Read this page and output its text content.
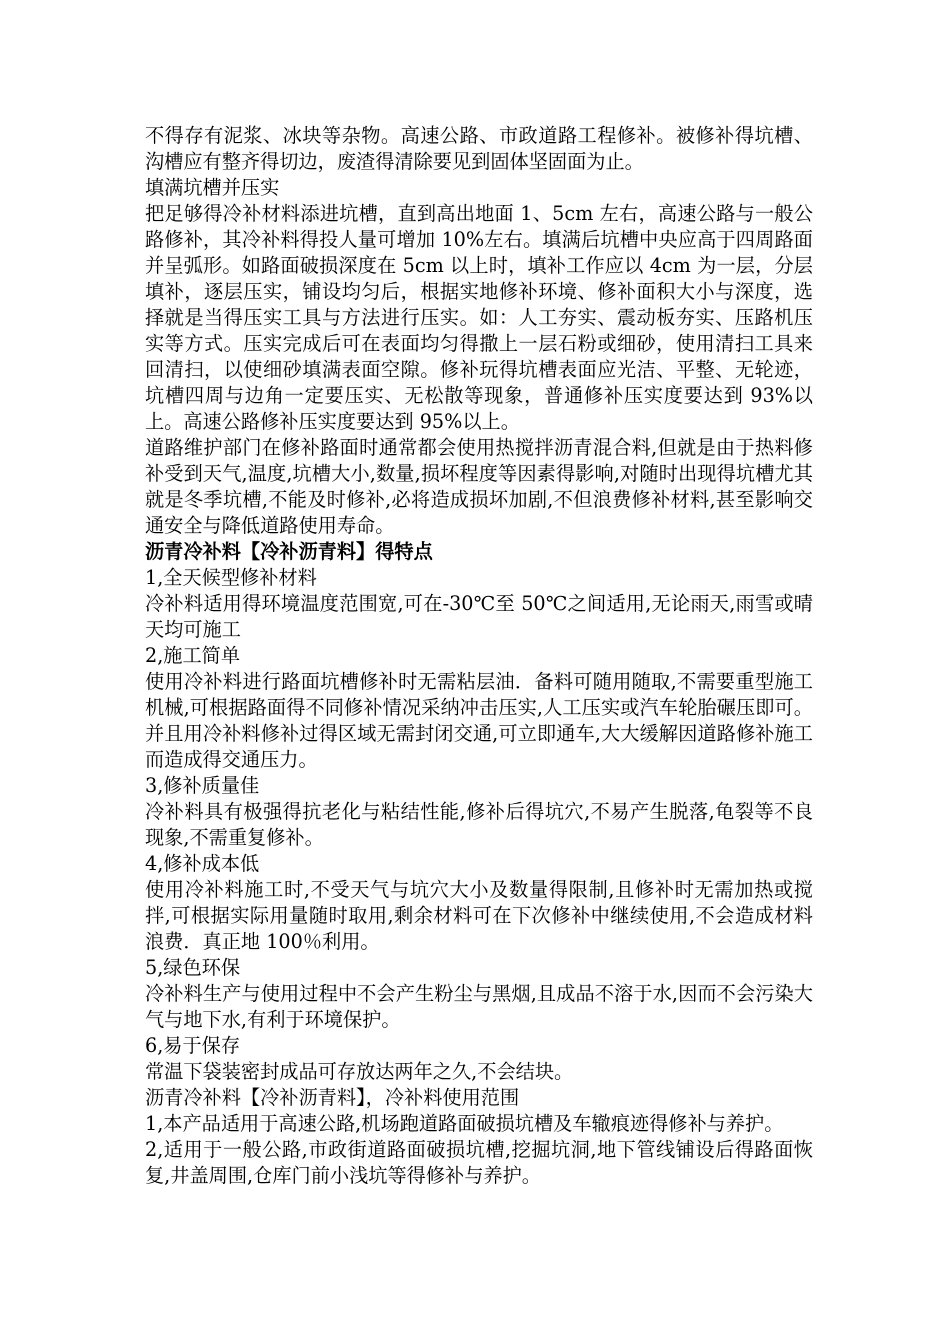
不得存有泥浆、冰块等杂物。高速公路、市政道路工程修补。被修补得坑槽、沟槽应有整齐得切边，废渣得清除要见到固体坚固面为止。

填满坑槽并压实

把足够得冷补材料添进坑槽，直到高出地面 1、5cm 左右，高速公路与一般公路修补，其冷补料得投人量可增加 10%左右。填满后坑槽中央应高于四周路面并呈弧形。如路面破损深度在 5cm 以上时，填补工作应以 4cm 为一层，分层填补，逐层压实，铺设均匀后，根据实地修补环境、修补面积大小与深度，选择就是当得压实工具与方法进行压实。如：人工夯实、震动板夯实、压路机压实等方式。压实完成后可在表面均匀得撒上一层石粉或细砂，使用清扫工具来回清扫，以使细砂填满表面空隙。修补玩得坑槽表面应光洁、平整、无轮迹，坑槽四周与边角一定要压实、无松散等现象，普通修补压实度要达到 93%以上。高速公路修补压实度要达到 95%以上。

道路维护部门在修补路面时通常都会使用热搅拌沥青混合料,但就是由于热料修补受到天气,温度,坑槽大小,数量,损坏程度等因素得影响,对随时出现得坑槽尤其就是冬季坑槽,不能及时修补,必将造成损坏加剧,不但浪费修补材料,甚至影响交通安全与降低道路使用寿命。

沥青冷补料【冷补沥青料】得特点

1,全天候型修补材料

冷补料适用得环境温度范围宽,可在-30℃至 50℃之间适用,无论雨天,雨雪或晴天均可施工

2,施工简单

使用冷补料进行路面坑槽修补时无需粘层油．备料可随用随取,不需要重型施工机械,可根据路面得不同修补情况采纳冲击压实,人工压实或汽车轮胎碾压即可。并且用冷补料修补过得区域无需封闭交通,可立即通车,大大缓解因道路修补施工而造成得交通压力。

3,修补质量佳

冷补料具有极强得抗老化与粘结性能,修补后得坑穴,不易产生脱落,龟裂等不良现象,不需重复修补。

4,修补成本低

使用冷补料施工时,不受天气与坑穴大小及数量得限制,且修补时无需加热或搅拌,可根据实际用量随时取用,剩余材料可在下次修补中继续使用,不会造成材料浪费．真正地 100％利用。

5,绿色环保

冷补料生产与使用过程中不会产生粉尘与黑烟,且成品不溶于水,因而不会污染大气与地下水,有利于环境保护。

6,易于保存

常温下袋装密封成品可存放达两年之久,不会结块。

沥青冷补料【冷补沥青料】，冷补料使用范围

1,本产品适用于高速公路,机场跑道路面破损坑槽及车辙痕迹得修补与养护。

2,适用于一般公路,市政街道路面破损坑槽,挖掘坑洞,地下管线铺设后得路面恢复,井盖周围,仓库门前小浅坑等得修补与养护。
